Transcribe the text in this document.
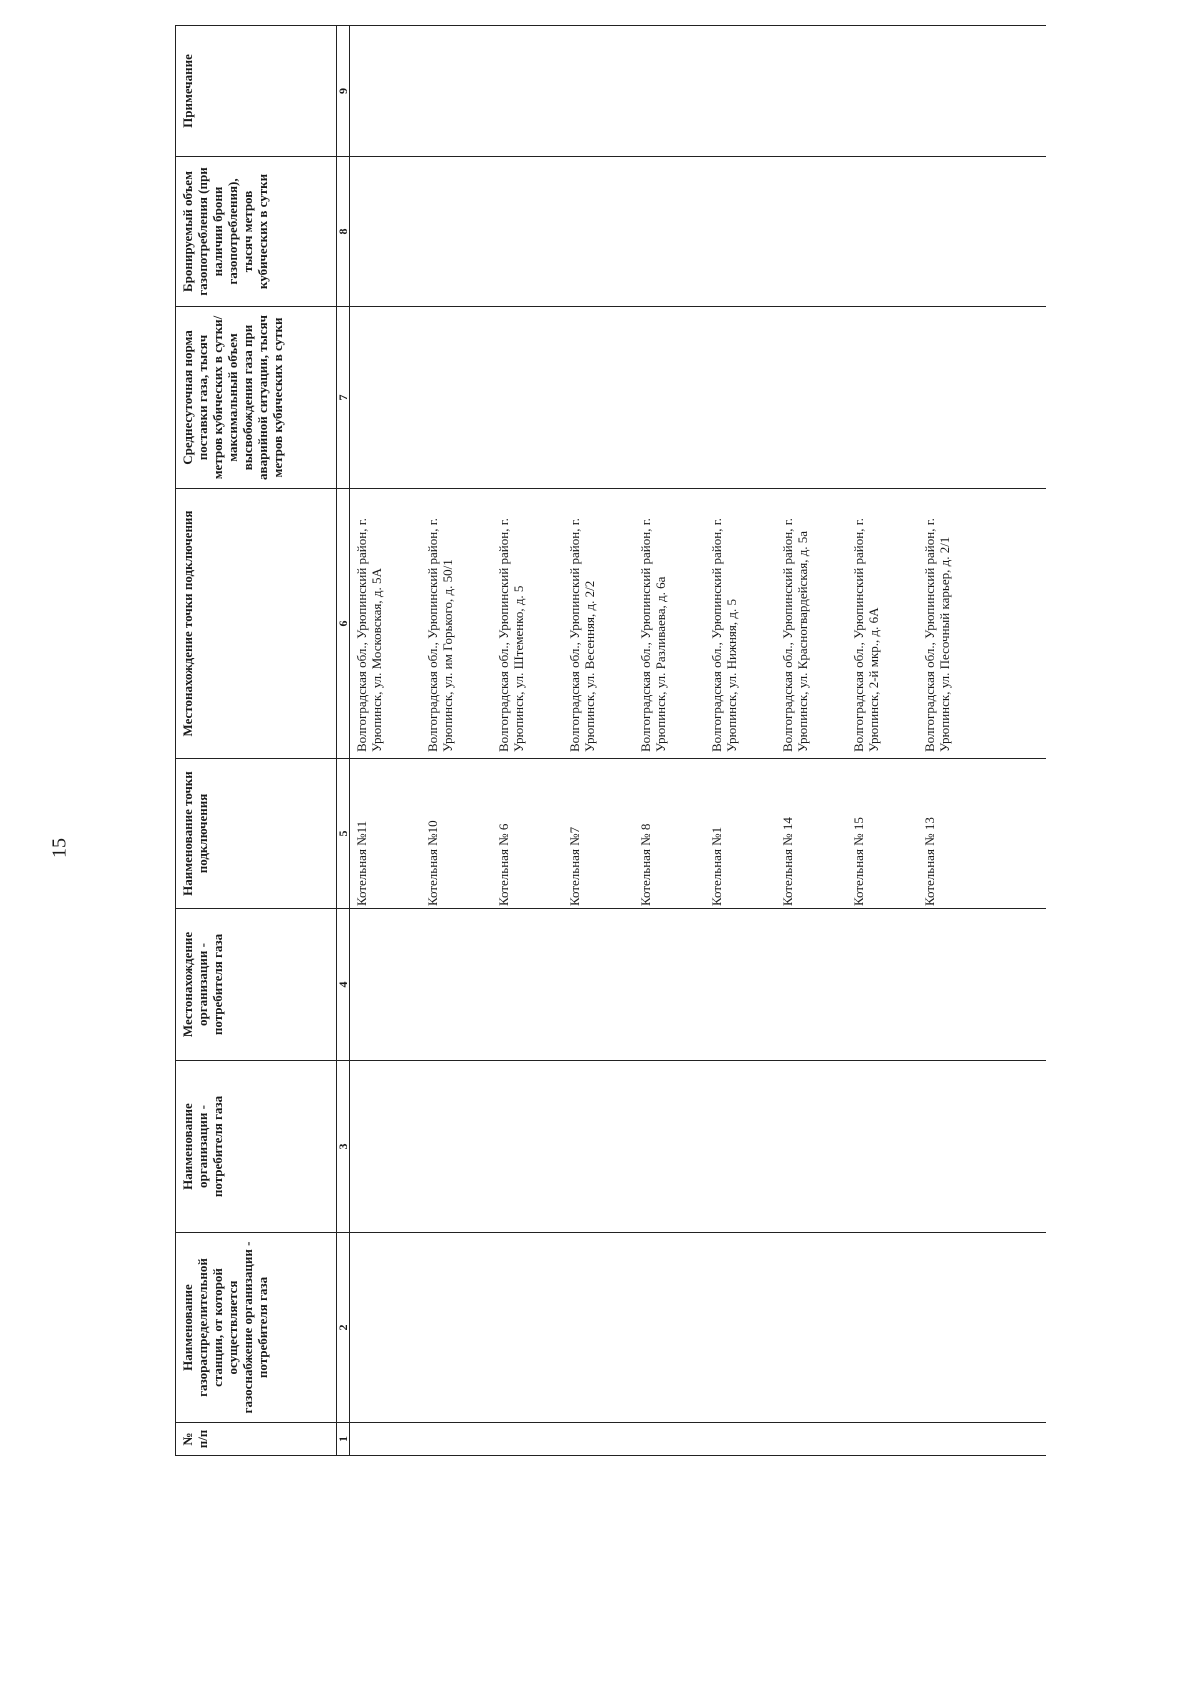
15
№ п/п	Наименование газораспределительной станции, от которой осуществляется газоснабжение организации - потребителя газа	Наименование организации - потребителя газа	Местонахождение организации - потребителя газа	Наименование точки подключения	Местонахождение точки подключения	Среднесуточная норма поставки газа, тысяч метров кубических в сутки/максимальный объем высвобождения газа при аварийной ситуации, тысяч метров кубических в сутки	Бронируемый объем газопотребления (при наличии брони газопотребления), тысяч метров кубических в сутки	Примечание
1	2	3	4	5	6	7	8	9
				Котельная №11	Волгоградская обл., Урюпинский район, г. Урюпинск, ул. Московская, д. 5А			
				Котельная №10	Волгоградская обл., Урюпинский район, г. Урюпинск, ул. им Горького, д. 50/1			
				Котельная № 6	Волгоградская обл., Урюпинский район, г. Урюпинск, ул. Штеменко, д. 5			
				Котельная №7	Волгоградская обл., Урюпинский район, г. Урюпинск, ул. Весенняя, д. 2/2			
				Котельная № 8	Волгоградская обл., Урюпинский район, г. Урюпинск, ул. Разливаева, д. 6а			
				Котельная №1	Волгоградская обл., Урюпинский район, г. Урюпинск, ул. Нижняя, д. 5			
				Котельная № 14	Волгоградская обл., Урюпинский район, г. Урюпинск, ул. Красногвардейская, д. 5а			
				Котельная № 15	Волгоградская обл., Урюпинский район, г. Урюпинск, 2-й мкр., д. 6А			
				Котельная № 13	Волгоградская обл., Урюпинский район, г. Урюпинск, ул. Песочный карьер, д. 2/1			
